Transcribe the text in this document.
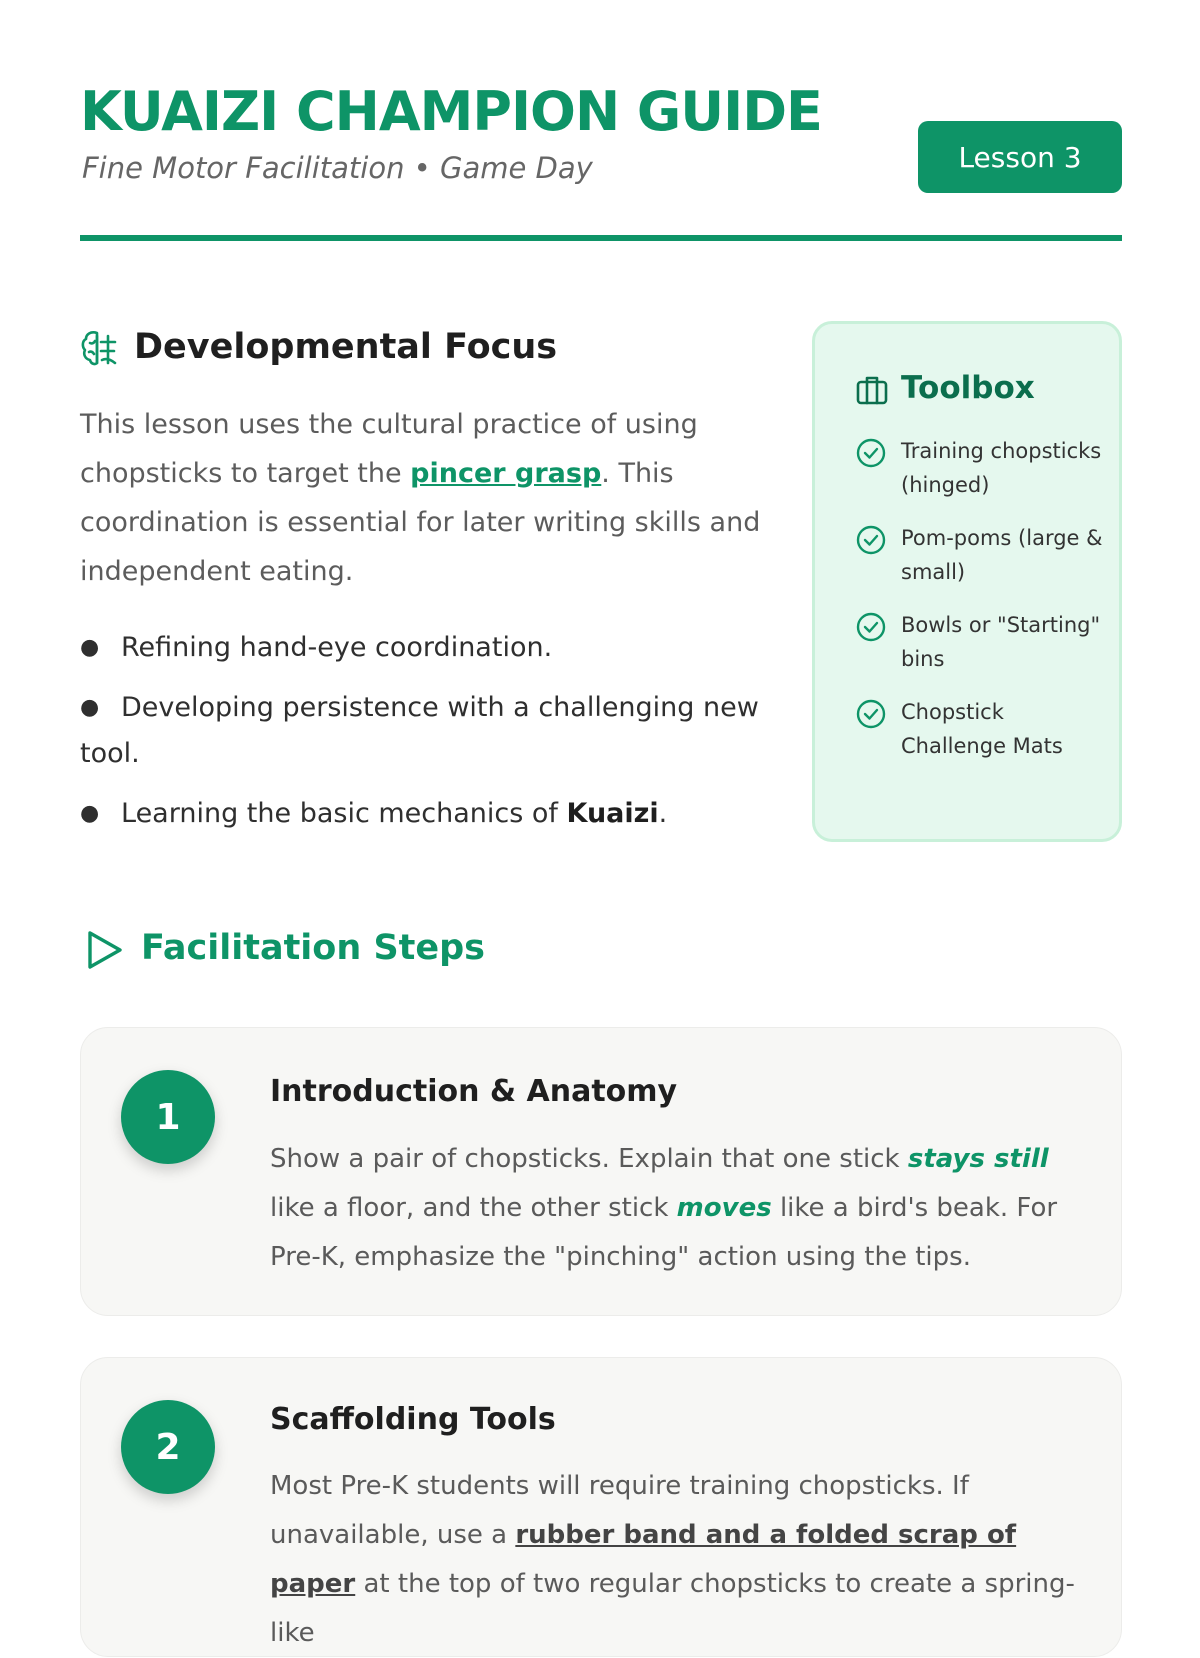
KUAIZI CHAMPION GUIDE

Fine Motor Facilitation • Game Day	Lesson 3
Developmental Focus

This lesson uses the cultural practice of using chopsticks to target the pincer grasp. This coordination is essential for later writing skills and independent eating.

● Refining hand-eye coordination.
● Developing persistence with a challenging new tool.
● Learning the basic mechanics of Kuaizi.
Toolbox
Training chopsticks (hinged)
Pom-poms (large & small)
Bowls or "Starting" bins
Chopstick Challenge Mats
Facilitation Steps
1
Introduction & Anatomy

Show a pair of chopsticks. Explain that one stick stays still like a floor, and the other stick moves like a bird's beak. For Pre-K, emphasize the "pinching" action using the tips.

2
Scaffolding Tools

Most Pre-K students will require training chopsticks. If unavailable, use a rubber band and a folded scrap of paper at the top of two regular chopsticks to create a spring-like
